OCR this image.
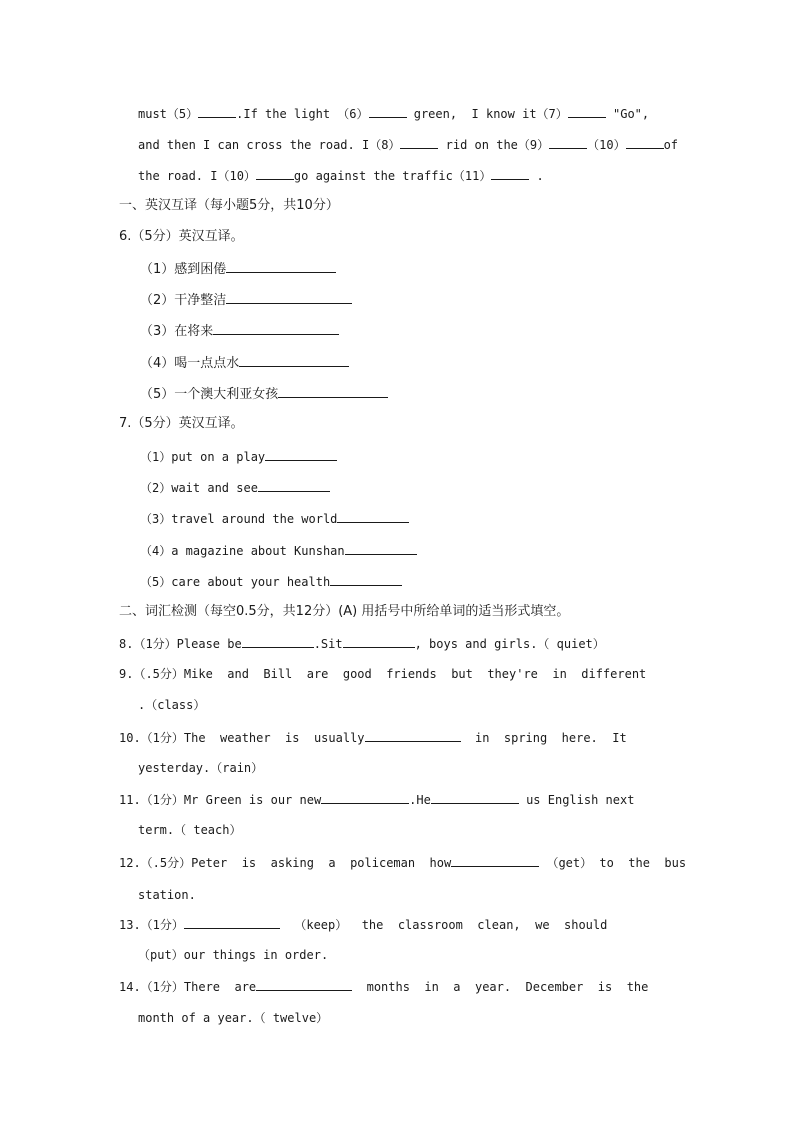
must（5）	.If the light （6）	green,  I know it（7）	"Go",
and then I can cross the road. I（8）	rid on the（9）	（10）	of
the road. I（10）	go against the traffic（11）	.
一、英汉互译（每小题5分，共10分）
6.（5分）英汉互译。
（1）感到困倦
（2）干净整洁
（3）在将来
（4）喝一点点水
（5）一个澳大利亚女孩
7.（5分）英汉互译。
（1）put on a play
（2）wait and see
（3）travel around the world
（4）a magazine about Kunshan
（5）care about your health
二、词汇检测（每空0.5分，共12分）(A) 用括号中所给单词的适当形式填空。
8.（1分）Please be	.Sit	, boys and girls.（ quiet）
9.（.5分）Mike  and  Bill  are  good  friends  but  they're  in  different
.（class）
10.（1分）The  weather  is  usually	in  spring  here.  It
yesterday.（rain）
11.（1分）Mr Green is our new	.He	us English next
term.（ teach）
12.（.5分）Peter  is  asking  a  policeman  how	（get） to  the  bus
station.
13.（1分）	（keep）  the  classroom  clean,  we  should
（put）our things in order.
14.（1分）There  are	months  in  a  year.  December  is  the
month of a year.（ twelve）
